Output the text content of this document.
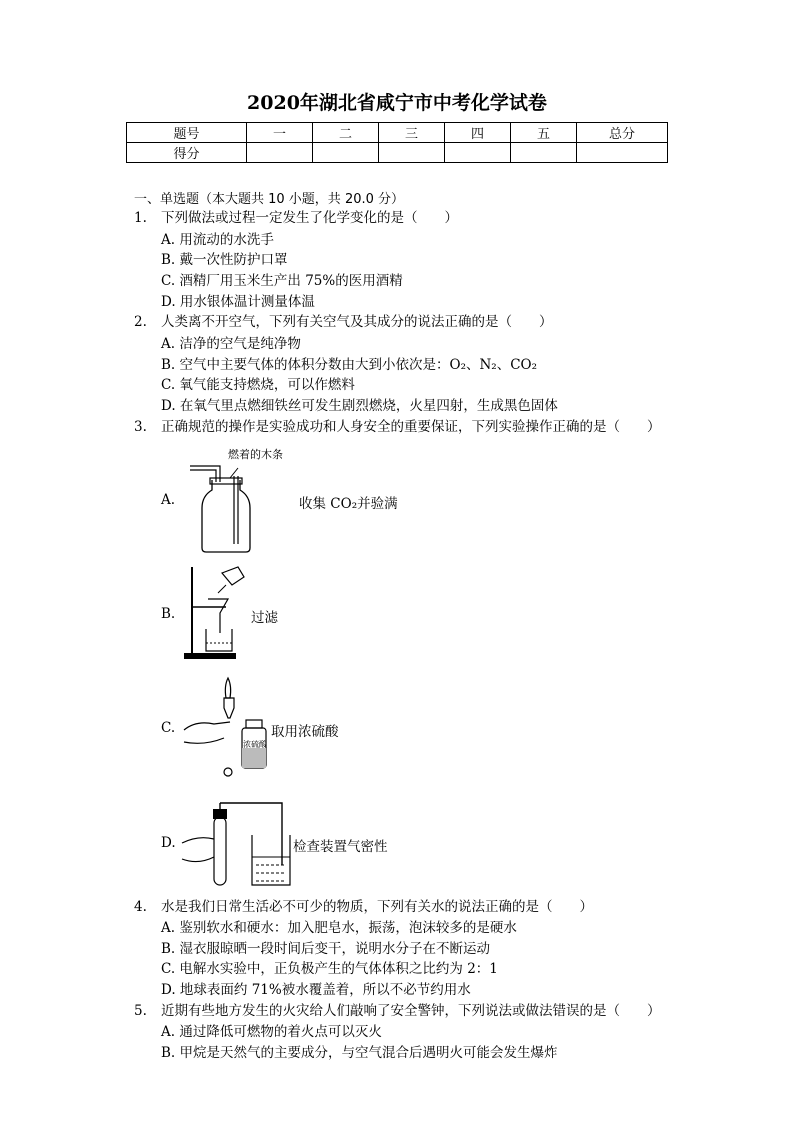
2020年湖北省咸宁市中考化学试卷
题号	一	二	三	四	五	总分
得分						
一、单选题（本大题共 10 小题，共 20.0 分）
1. 下列做法或过程一定发生了化学变化的是（　　）
A. 用流动的水洗手
B. 戴一次性防护口罩
C. 酒精厂用玉米生产出 75%的医用酒精
D. 用水银体温计测量体温
2. 人类离不开空气，下列有关空气及其成分的说法正确的是（　　）
A. 洁净的空气是纯净物
B. 空气中主要气体的体积分数由大到小依次是：O₂、N₂、CO₂
C. 氧气能支持燃烧，可以作燃料
D. 在氧气里点燃细铁丝可发生剧烈燃烧，火星四射，生成黑色固体
3. 正确规范的操作是实验成功和人身安全的重要保证，下列实验操作正确的是（　　）
A.	收集 CO₂并验满
燃着的木条
B.	过滤
C.	取用浓硫酸
浓硫酸
D.	检查装置气密性
4. 水是我们日常生活必不可少的物质，下列有关水的说法正确的是（　　）
A. 鉴别软水和硬水：加入肥皂水，振荡，泡沫较多的是硬水
B. 湿衣服晾晒一段时间后变干，说明水分子在不断运动
C. 电解水实验中，正负极产生的气体体积之比约为 2：1
D. 地球表面约 71%被水覆盖着，所以不必节约用水
5. 近期有些地方发生的火灾给人们敲响了安全警钟，下列说法或做法错误的是（　　）
A. 通过降低可燃物的着火点可以灭火
B. 甲烷是天然气的主要成分，与空气混合后遇明火可能会发生爆炸
